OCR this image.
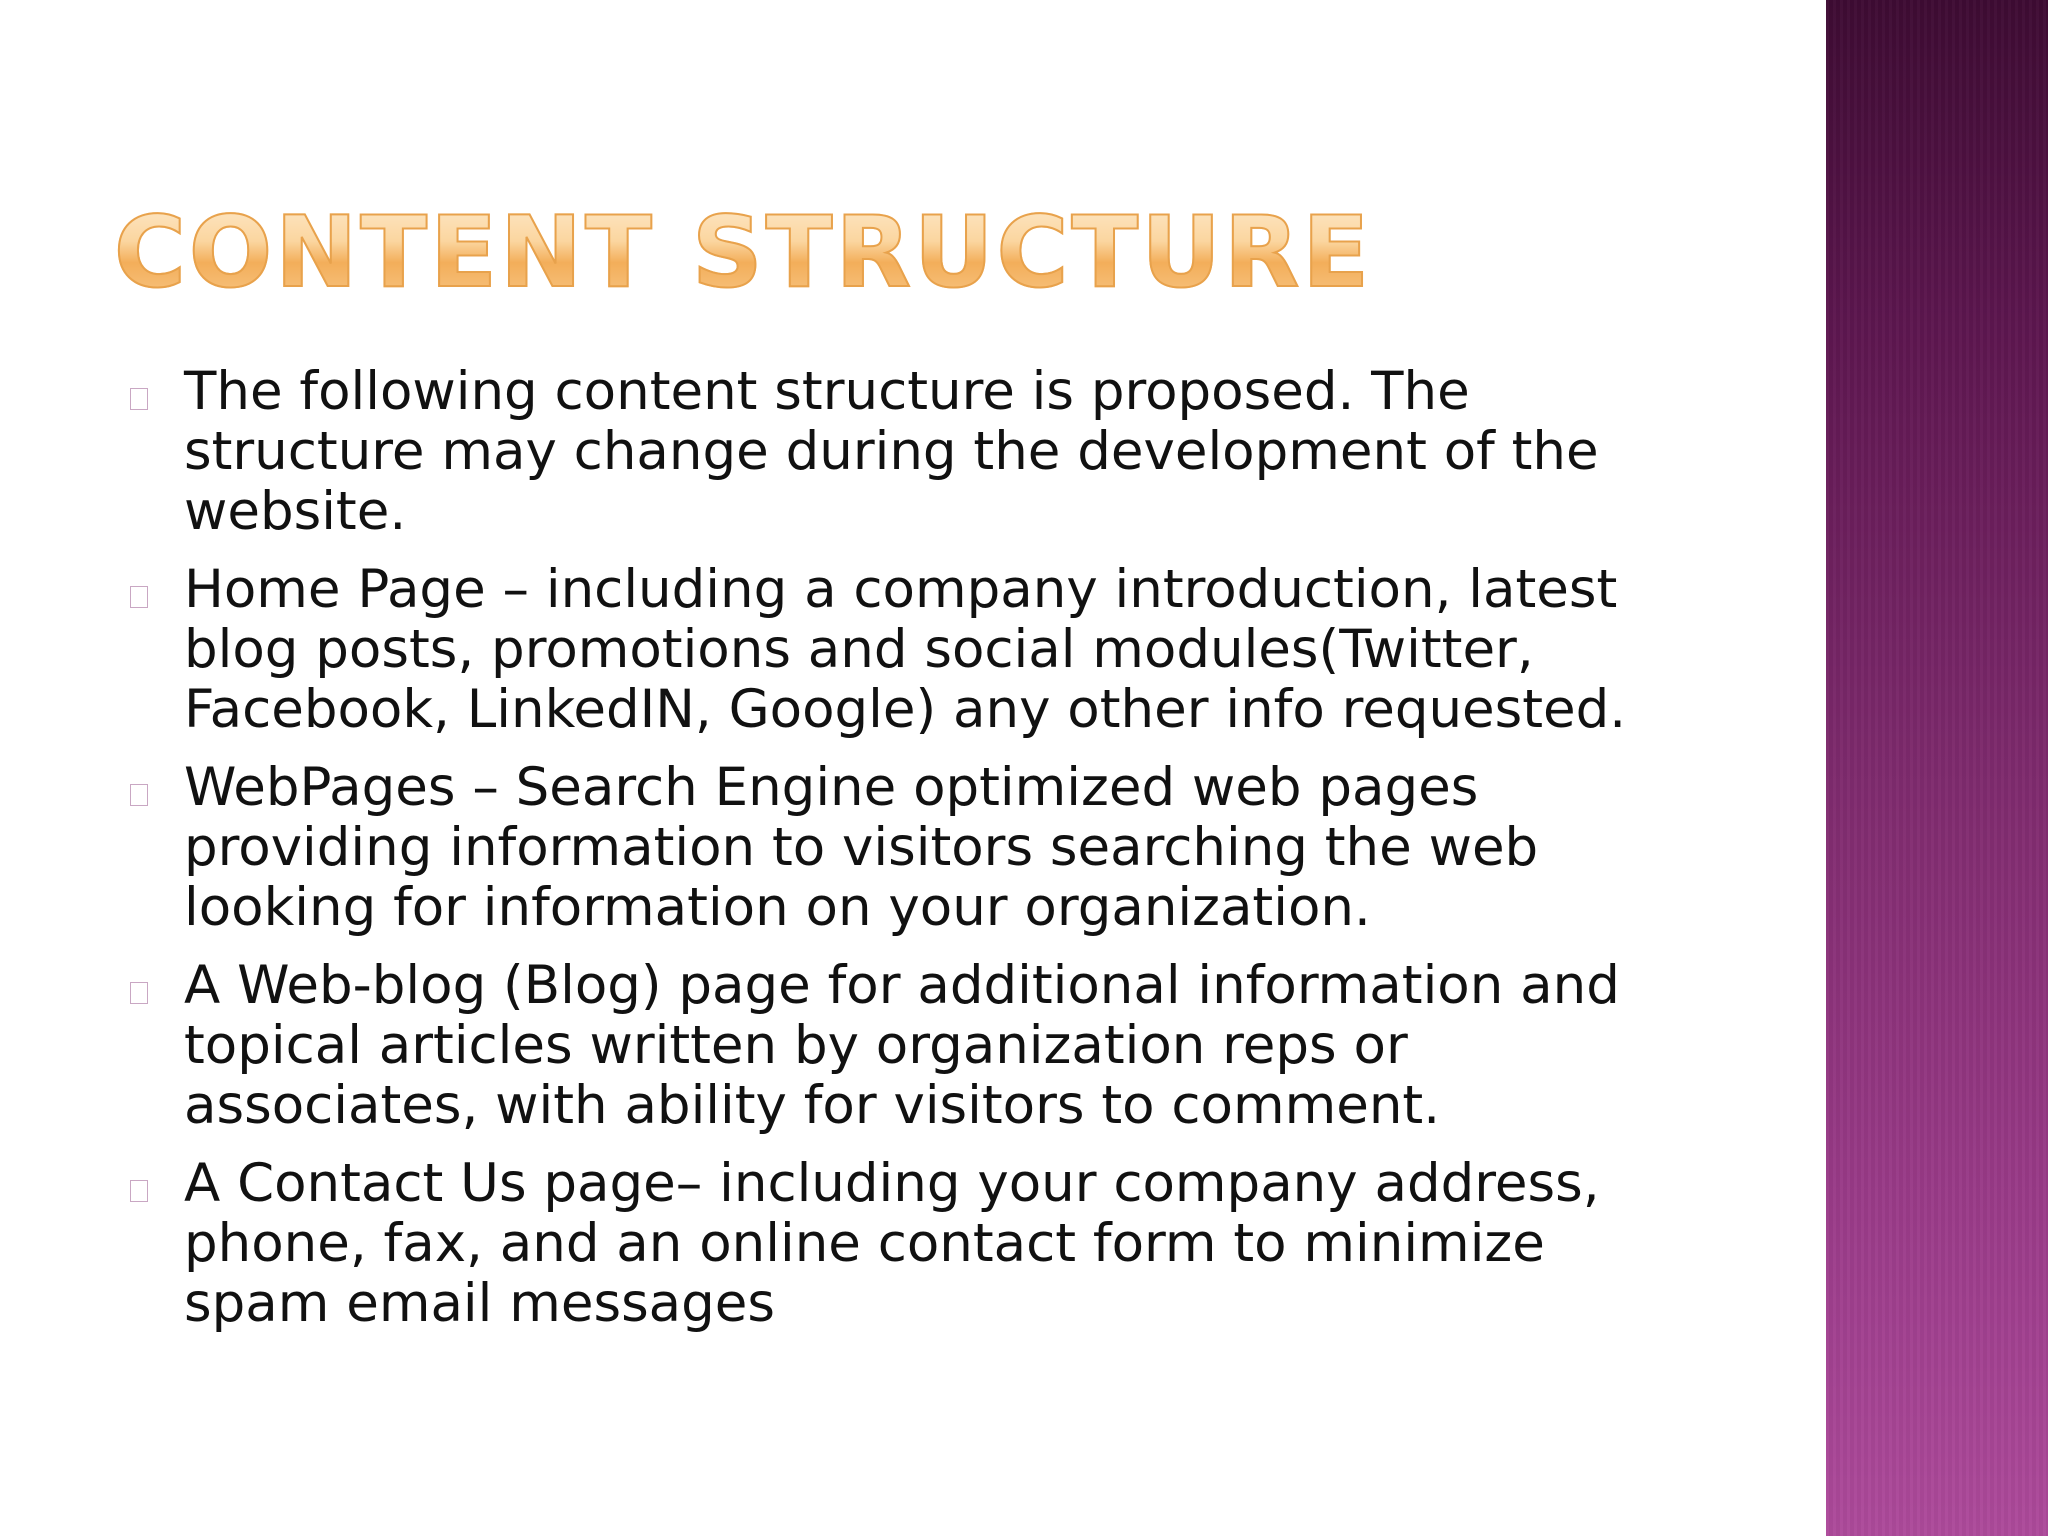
CONTENT STRUCTURE
The following content structure is proposed. The structure may change during the development of the website.
Home Page – including a company introduction, latest blog posts, promotions and social modules(Twitter, Facebook, LinkedIN, Google) any other info requested.
WebPages – Search Engine optimized web pages providing information to visitors searching the web looking for information on your organization.
A Web-blog (Blog) page for additional information and topical articles written by organization reps or associates, with ability for visitors to comment.
A Contact Us page– including your company address, phone, fax, and an online contact form to minimize spam email messages
